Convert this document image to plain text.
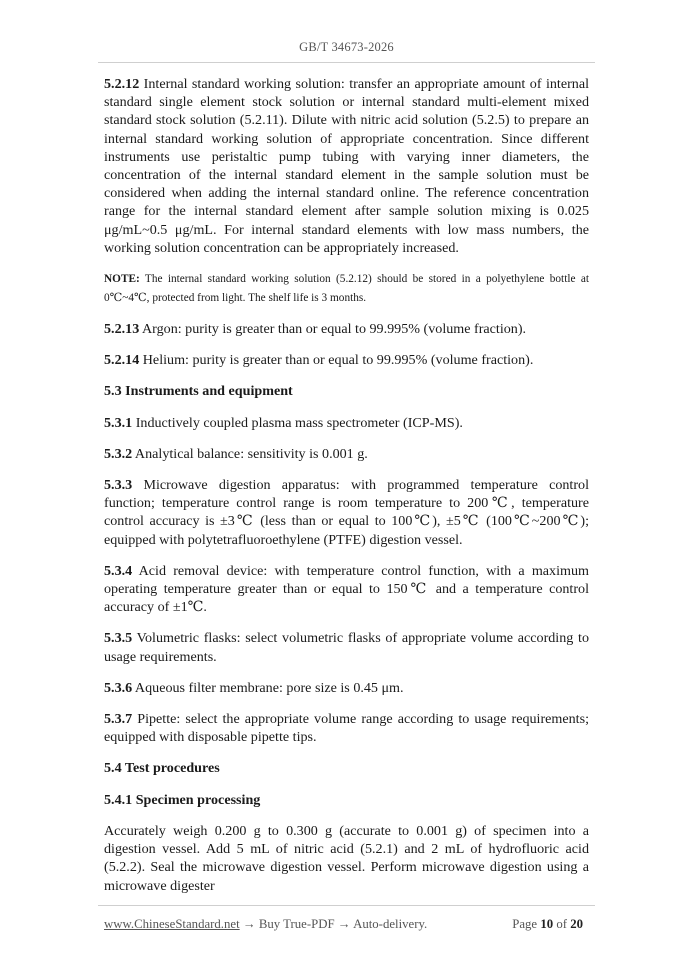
GB/T 34673-2026
5.2.12 Internal standard working solution: transfer an appropriate amount of internal standard single element stock solution or internal standard multi-element mixed standard stock solution (5.2.11). Dilute with nitric acid solution (5.2.5) to prepare an internal standard working solution of appropriate concentration. Since different instruments use peristaltic pump tubing with varying inner diameters, the concentration of the internal standard element in the sample solution must be considered when adding the internal standard online. The reference concentration range for the internal standard element after sample solution mixing is 0.025 μg/mL~0.5 μg/mL. For internal standard elements with low mass numbers, the working solution concentration can be appropriately increased.
NOTE: The internal standard working solution (5.2.12) should be stored in a polyethylene bottle at 0℃~4℃, protected from light. The shelf life is 3 months.
5.2.13 Argon: purity is greater than or equal to 99.995% (volume fraction).
5.2.14 Helium: purity is greater than or equal to 99.995% (volume fraction).
5.3 Instruments and equipment
5.3.1 Inductively coupled plasma mass spectrometer (ICP-MS).
5.3.2 Analytical balance: sensitivity is 0.001 g.
5.3.3 Microwave digestion apparatus: with programmed temperature control function; temperature control range is room temperature to 200℃, temperature control accuracy is ±3℃ (less than or equal to 100℃), ±5℃ (100℃~200℃); equipped with polytetrafluoroethylene (PTFE) digestion vessel.
5.3.4 Acid removal device: with temperature control function, with a maximum operating temperature greater than or equal to 150℃ and a temperature control accuracy of ±1℃.
5.3.5 Volumetric flasks: select volumetric flasks of appropriate volume according to usage requirements.
5.3.6 Aqueous filter membrane: pore size is 0.45 μm.
5.3.7 Pipette: select the appropriate volume range according to usage requirements; equipped with disposable pipette tips.
5.4 Test procedures
5.4.1 Specimen processing
Accurately weigh 0.200 g to 0.300 g (accurate to 0.001 g) of specimen into a digestion vessel. Add 5 mL of nitric acid (5.2.1) and 2 mL of hydrofluoric acid (5.2.2). Seal the microwave digestion vessel. Perform microwave digestion using a microwave digester
www.ChineseStandard.net → Buy True-PDF → Auto-delivery.	Page 10 of 20
